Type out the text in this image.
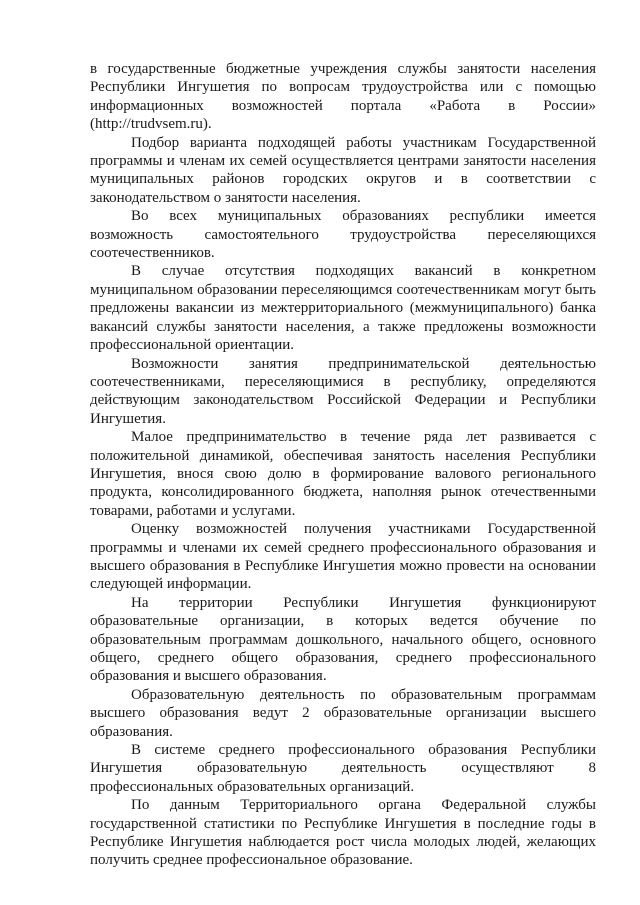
в государственные бюджетные учреждения службы занятости населения Республики Ингушетия по вопросам трудоустройства или с помощью информационных возможностей портала «Работа в России» (http://trudvsem.ru).

Подбор варианта подходящей работы участникам Государственной программы и членам их семей осуществляется центрами занятости населения муниципальных районов городских округов и в соответствии с законодательством о занятости населения.

Во всех муниципальных образованиях республики имеется возможность самостоятельного трудоустройства переселяющихся соотечественников.

В случае отсутствия подходящих вакансий в конкретном муниципальном образовании переселяющимся соотечественникам могут быть предложены вакансии из межтерриториального (межмуниципального) банка вакансий службы занятости населения, а также предложены возможности профессиональной ориентации.

Возможности занятия предпринимательской деятельностью соотечественниками, переселяющимися в республику, определяются действующим законодательством Российской Федерации и Республики Ингушетия.

Малое предпринимательство в течение ряда лет развивается с положительной динамикой, обеспечивая занятость населения Республики Ингушетия, внося свою долю в формирование валового регионального продукта, консолидированного бюджета, наполняя рынок отечественными товарами, работами и услугами.

Оценку возможностей получения участниками Государственной программы и членами их семей среднего профессионального образования и высшего образования в Республике Ингушетия можно провести на основании следующей информации.

На территории Республики Ингушетия функционируют образовательные организации, в которых ведется обучение по образовательным программам дошкольного, начального общего, основного общего, среднего общего образования, среднего профессионального образования и высшего образования.

Образовательную деятельность по образовательным программам высшего образования ведут 2 образовательные организации высшего образования.

В системе среднего профессионального образования Республики Ингушетия образовательную деятельность осуществляют 8 профессиональных образовательных организаций.

По данным Территориального органа Федеральной службы государственной статистики по Республике Ингушетия в последние годы в Республике Ингушетия наблюдается рост числа молодых людей, желающих получить среднее профессиональное образование.
